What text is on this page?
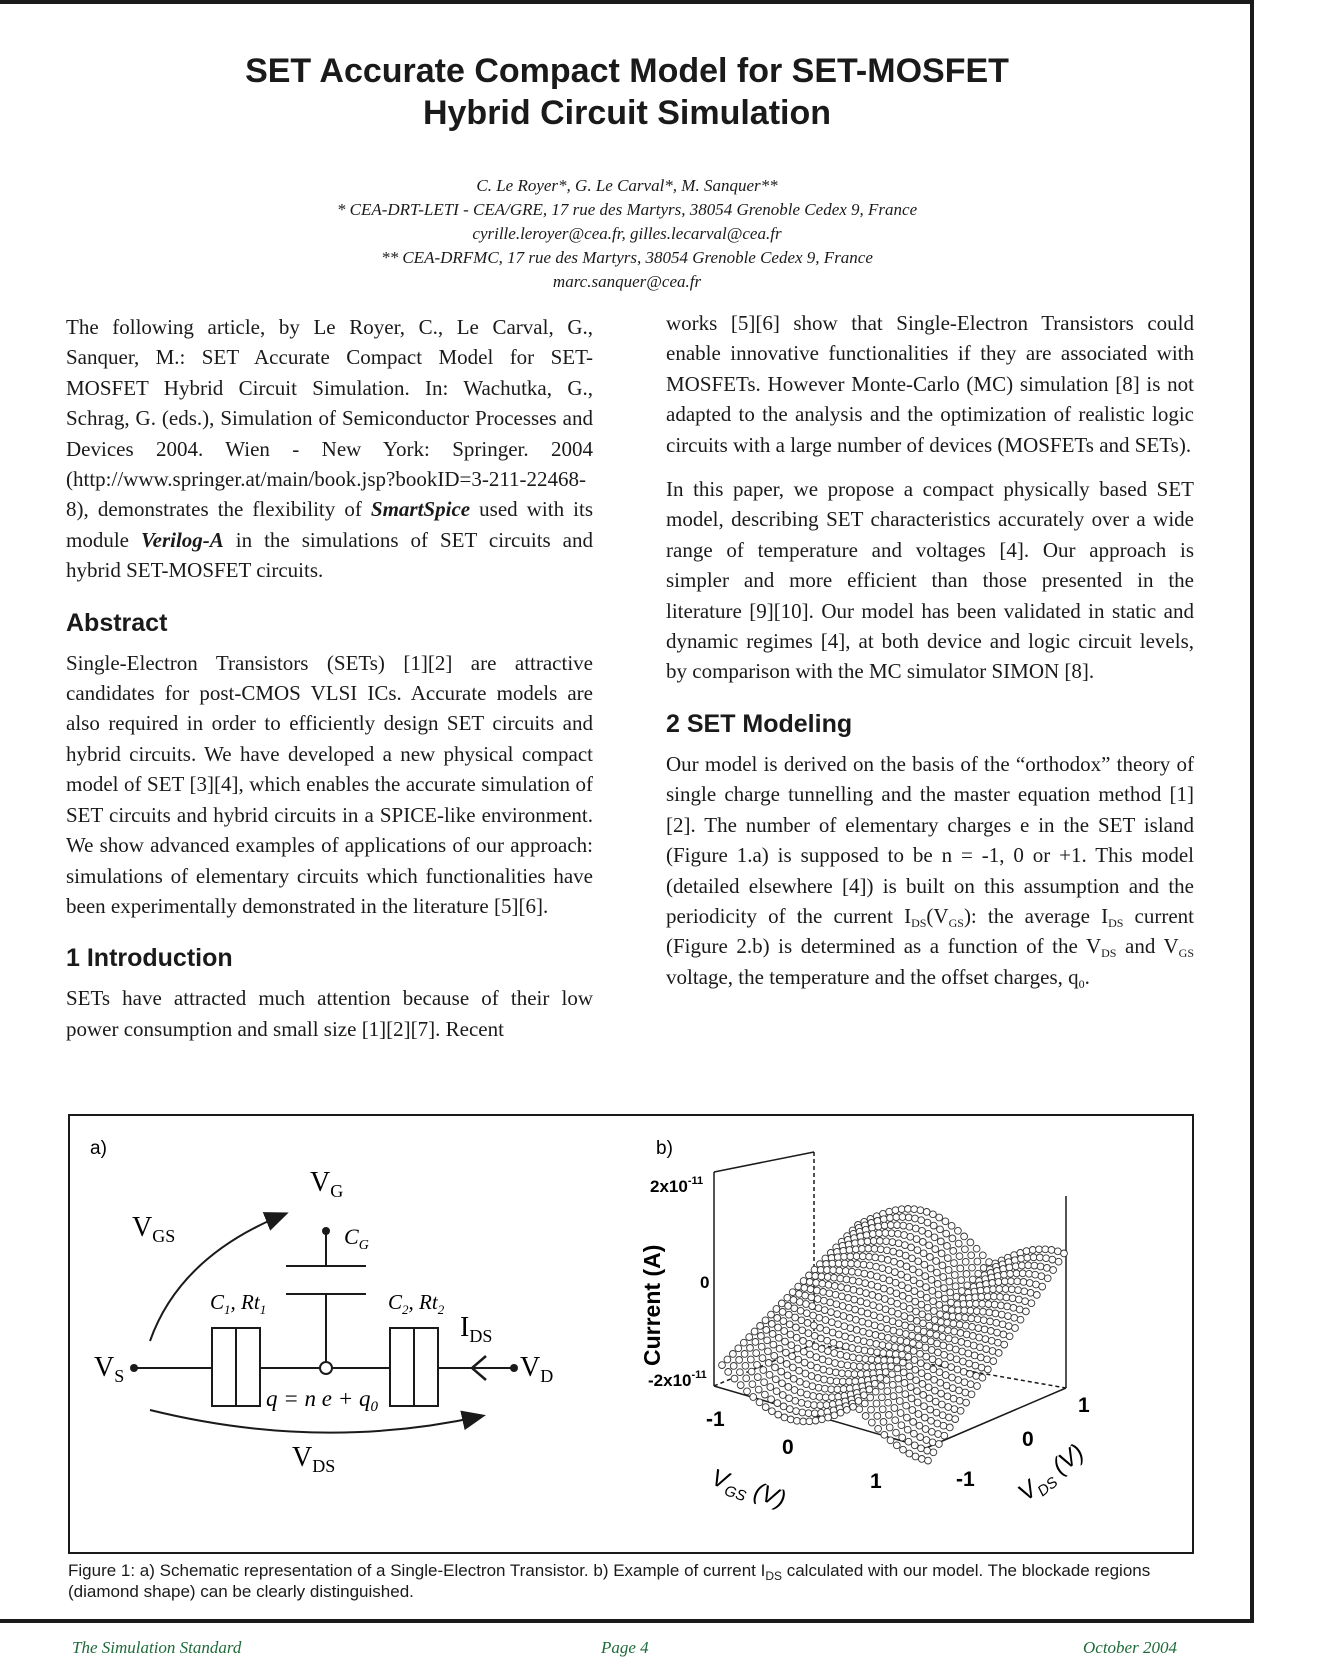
SET Accurate Compact Model for SET-MOSFET
Hybrid Circuit Simulation
C. Le Royer*, G. Le Carval*, M. Sanquer**
* CEA-DRT-LETI - CEA/GRE, 17 rue des Martyrs, 38054 Grenoble Cedex 9, France
cyrille.leroyer@cea.fr, gilles.lecarval@cea.fr
** CEA-DRFMC, 17 rue des Martyrs, 38054 Grenoble Cedex 9, France
marc.sanquer@cea.fr

The following article, by Le Royer, C., Le Carval, G., Sanquer, M.: SET Accurate Compact Model for SET-MOSFET Hybrid Circuit Simulation. In: Wachutka, G., Schrag, G. (eds.), Simulation of Semiconductor Processes and Devices 2004. Wien - New York: Springer. 2004 (http://www.springer.at/main/book.jsp?bookID=3-211-22468-8), demonstrates the flexibility of SmartSpice used with its module Verilog-A in the simulations of SET circuits and hybrid SET-MOSFET circuits.

Abstract

Single-Electron Transistors (SETs) [1][2] are attractive candidates for post-CMOS VLSI ICs. Accurate models are also required in order to efficiently design SET circuits and hybrid circuits. We have developed a new physical compact model of SET [3][4], which enables the accurate simulation of SET circuits and hybrid circuits in a SPICE-like environment. We show advanced examples of applications of our approach: simulations of elementary circuits which functionalities have been experimentally demonstrated in the literature [5][6].

1 Introduction

SETs have attracted much attention because of their low power consumption and small size [1][2][7]. Recent

works [5][6] show that Single-Electron Transistors could enable innovative functionalities if they are associated with MOSFETs. However Monte-Carlo (MC) simulation [8] is not adapted to the analysis and the optimization of realistic logic circuits with a large number of devices (MOSFETs and SETs).

In this paper, we propose a compact physically based SET model, describing SET characteristics accurately over a wide range of temperature and voltages [4]. Our approach is simpler and more efficient than those presented in the literature [9][10]. Our model has been validated in static and dynamic regimes [4], at both device and logic circuit levels, by comparison with the MC simulator SIMON [8].

2 SET Modeling

Our model is derived on the basis of the “orthodox” theory of single charge tunnelling and the master equation method [1][2]. The number of elementary charges e in the SET island (Figure 1.a) is supposed to be n = -1, 0 or +1. This model (detailed elsewhere [4]) is built on this assumption and the periodicity of the current $I_{DS}(V_{GS})$: the average $I_{DS}$ current (Figure 2.b) is determined as a function of the $V_{DS}$ and $V_{GS}$ voltage, the temperature and the offset charges, $q_0$.

a)
$V_G$
$C_G$
$V_{GS}$
$C_1$, $Rt_1$	$C_2$, $Rt_2$
$I_{DS}$
$V_S$	$V_D$
q = n $e + q_0$
$V_{DS}$
b)
$2x10^{-11}$
0
$-2x10^{-11}$
Current (A)
-1
0
1
$V_{GS}$ (V)	-1
0
1
$V_{DS}$ (V)
Figure 1: a) Schematic representation of a Single-Electron Transistor. b) Example of current $I_{DS}$ calculated with our model. The blockade regions (diamond shape) can be clearly distinguished.
The Simulation Standard	Page 4	October 2004
